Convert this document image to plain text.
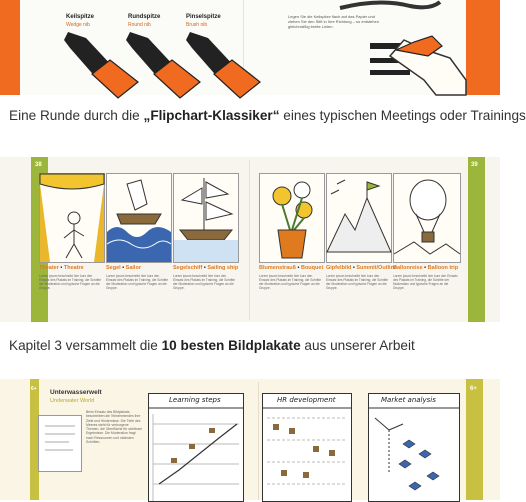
Keilspitze
Wedge nib
Rundspitze
Round nib
Pinselspitze
Brush nib
Legen Sie die Keilspitze flach auf das Papier und ziehen Sie den Stift in Ihre Richtung – so entstehen gleichmäßig breite Linien.
Eine Runde durch die „Flipchart-Klassiker“ eines typischen Meetings oder Trainings
38	39
Theater • Theatre	Segel • Sailor	Segelschiff • Sailing ship
Lorem ipsum beschreibt hier kurz den Einsatz des Plakats im Training, die Schritte der Moderation und typische Fragen an die Gruppe.
Lorem ipsum beschreibt hier kurz den Einsatz des Plakats im Training, die Schritte der Moderation und typische Fragen an die Gruppe.
Lorem ipsum beschreibt hier kurz den Einsatz des Plakats im Training, die Schritte der Moderation und typische Fragen an die Gruppe.
Blumenstrauß • Bouquet Gipfelbild • Summit/Outline
Ballonreise • Balloon trip
Lorem ipsum beschreibt hier kurz den Einsatz des Plakats im Training, die Schritte der Moderation und typische Fragen an die Gruppe.
Lorem ipsum beschreibt hier kurz den Einsatz des Plakats im Training, die Schritte der Moderation und typische Fragen an die Gruppe.
Lorem ipsum beschreibt hier kurz den Einsatz des Plakats im Training, die Schritte der Moderation und typische Fragen an die Gruppe.
Kapitel 3 versammelt die 10 besten Bildplakate aus unserer Arbeit
6+	6+
Unterwasserwelt
Underwater World
Beim Einsatz des Bildplakats beschreiben die Teilnehmenden ihre Ziele und Hindernisse. Die Tiefe des Meeres steht für verborgene Themen, die Oberfläche für sichtbare Ergebnisse. Die Moderation fragt nach Ressourcen und nächsten Schritten.
Learning steps	HR development	Market analysis
